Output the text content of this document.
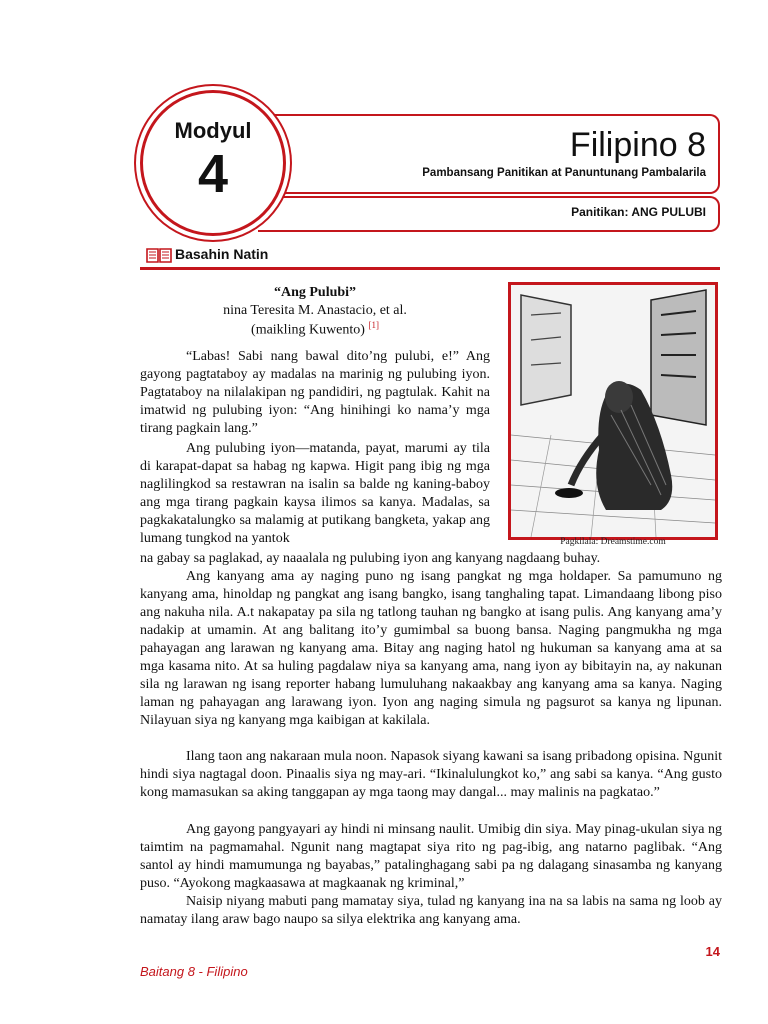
Modyul
4	Filipino 8
Pambansang Panitikan at Panuntunang Pambalarila
Panitikan: ANG PULUBI
Basahin Natin
“Ang Pulubi”
nina Teresita M. Anastacio, et al.
(maikling Kuwento) [1]
Pagkilala: Dreamstime.com
“Labas! Sabi nang bawal dito’ng pulubi, e!” Ang gayong pagtataboy ay madalas na marinig ng pulubing iyon. Pagtataboy na nilalakipan ng pandidiri, ng pagtulak. Kahit na imatwid ng pulubing iyon: “Ang hinihingi ko nama’y mga tirang pagkain lang.”
Ang pulubing iyon—matanda, payat, marumi ay tila di karapat-dapat sa habag ng kapwa. Higit pang ibig ng mga naglilingkod sa restawran na isalin sa balde ng kaning-baboy ang mga tirang pagkain kaysa ilimos sa kanya. Madalas, sa pagkakatalungko sa malamig at putikang bangketa, yakap ang lumang tungkod na yantok
na gabay sa paglakad, ay naaalala ng pulubing iyon ang kanyang nagdaang buhay.
Ang kanyang ama ay naging puno ng isang pangkat ng mga holdaper. Sa pamumuno ng kanyang ama, hinoldap ng pangkat ang isang bangko, isang tanghaling tapat. Limandaang libong piso ang nakuha nila. A.t nakapatay pa sila ng tatlong tauhan ng bangko at isang pulis. Ang kanyang ama’y nadakip at umamin. At ang balitang ito’y gumimbal sa buong bansa. Naging pangmukha ng mga pahayagan ang larawan ng kanyang ama. Bitay ang naging hatol ng hukuman sa kanyang ama at sa mga kasama nito. At sa huling pagdalaw niya sa kanyang ama, nang iyon ay bibitayin na, ay nakunan sila ng larawan ng isang reporter habang lumuluhang nakaakbay ang kanyang ama sa kanya. Naging laman ng pahayagan ang larawang iyon. Iyon ang naging simula ng pagsurot sa kanya ng lipunan. Nilayuan siya ng kanyang mga kaibigan at kakilala.
Ilang taon ang nakaraan mula noon. Napasok siyang kawani sa isang pribadong opisina. Ngunit hindi siya nagtagal doon. Pinaalis siya ng may-ari. “Ikinalulungkot ko,” ang sabi sa kanya. “Ang gusto kong mamasukan sa aking tanggapan ay mga taong may dangal... may malinis na pagkatao.”
Ang gayong pangyayari ay hindi ni minsang naulit. Umibig din siya. May pinag-ukulan siya ng taimtim na pagmamahal. Ngunit nang magtapat siya rito ng pag-ibig, ang natarno paglibak. “Ang santol ay hindi mamumunga ng bayabas,” patalinghagang sabi pa ng dalagang sinasamba ng kanyang puso. “Ayokong magkaasawa at magkaanak ng kriminal,”
Naisip niyang mabuti pang mamatay siya, tulad ng kanyang ina na sa labis na sama ng loob ay namatay ilang araw bago naupo sa silya elektrika ang kanyang ama.
14
Baitang 8 - Filipino
